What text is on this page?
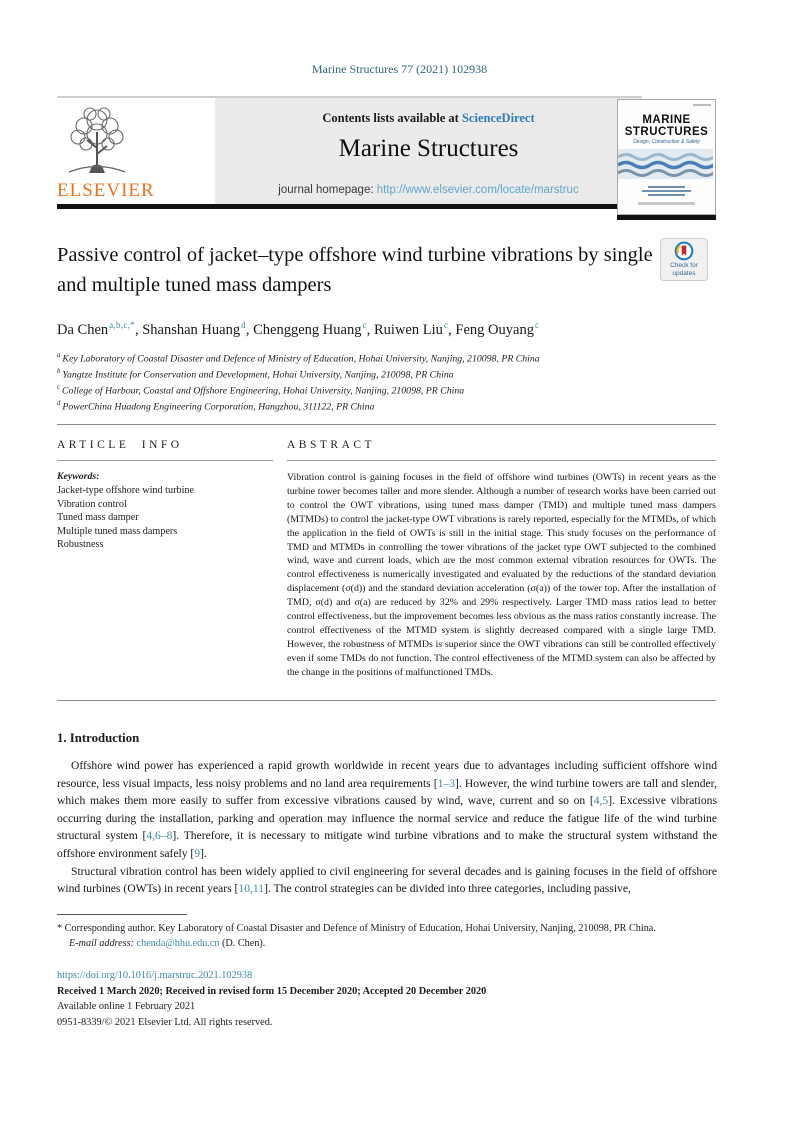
Marine Structures 77 (2021) 102938
ELSEVIER
Contents lists available at ScienceDirect
Marine Structures
journal homepage: http://www.elsevier.com/locate/marstruc
MARINE
STRUCTURES
Design, Construction & Safety
Passive control of jacket–type offshore wind turbine vibrations by single and multiple tuned mass dampers
Check for
updates
Da Chen$^{a,b,c,*}$, Shanshan Huang$^d$, Chenggeng Huang$^c$, Ruiwen Liu$^c$, Feng Ouyang$^c$
$^a$ Key Laboratory of Coastal Disaster and Defence of Ministry of Education, Hohai University, Nanjing, 210098, PR China
$^b$ Yangtze Institute for Conservation and Development, Hohai University, Nanjing, 210098, PR China
$^c$ College of Harbour, Coastal and Offshore Engineering, Hohai University, Nanjing, 210098, PR China
$^d$ PowerChina Huadong Engineering Corporation, Hangzhou, 311122, PR China
ARTICLE INFO
Keywords:
Jacket-type offshore wind turbine
Vibration control
Tuned mass damper
Multiple tuned mass dampers
Robustness
ABSTRACT
Vibration control is gaining focuses in the field of offshore wind turbines (OWTs) in recent years as the turbine tower becomes taller and more slender. Although a number of research works have been carried out to control the OWT vibrations, using tuned mass damper (TMD) and multiple tuned mass dampers (MTMDs) to control the jacket-type OWT vibrations is rarely reported, especially for the MTMDs, of which the application in the field of OWTs is still in the initial stage. This study focuses on the performance of TMD and MTMDs in controlling the tower vibrations of the jacket type OWT subjected to the combined wind, wave and current loads, which are the most common external vibration resources for OWTs. The control effectiveness is numerically investigated and evaluated by the reductions of the standard deviation displacement (σ(d)) and the standard deviation acceleration (σ(a)) of the tower top. After the installation of TMD, σ(d) and σ(a) are reduced by 32% and 29% respectively. Larger TMD mass ratios lead to better control effectiveness, but the improvement becomes less obvious as the mass ratios constantly increase. The control effectiveness of the MTMD system is slightly decreased compared with a single large TMD. However, the robustness of MTMDs is superior since the OWT vibrations can still be controlled effectively even if some TMDs do not function. The control effectiveness of the MTMD system can also be affected by the change in the positions of malfunctioned TMDs.
1. Introduction

Offshore wind power has experienced a rapid growth worldwide in recent years due to advantages including sufficient offshore wind resource, less visual impacts, less noisy problems and no land area requirements [1–3]. However, the wind turbine towers are tall and slender, which makes them more easily to suffer from excessive vibrations caused by wind, wave, current and so on [4,5]. Excessive vibrations occurring during the installation, parking and operation may influence the normal service and reduce the fatigue life of the wind turbine structural system [4,6–8]. Therefore, it is necessary to mitigate wind turbine vibrations and to make the structural system withstand the offshore environment safely [9].

Structural vibration control has been widely applied to civil engineering for several decades and is gaining focuses in the field of offshore wind turbines (OWTs) in recent years [10,11]. The control strategies can be divided into three categories, including passive,

* Corresponding author. Key Laboratory of Coastal Disaster and Defence of Ministry of Education, Hohai University, Nanjing, 210098, PR China.
E-mail address: chenda@hhu.edu.cn (D. Chen).
https://doi.org/10.1016/j.marstruc.2021.102938
Received 1 March 2020; Received in revised form 15 December 2020; Accepted 20 December 2020
Available online 1 February 2021
0951-8339/© 2021 Elsevier Ltd. All rights reserved.
